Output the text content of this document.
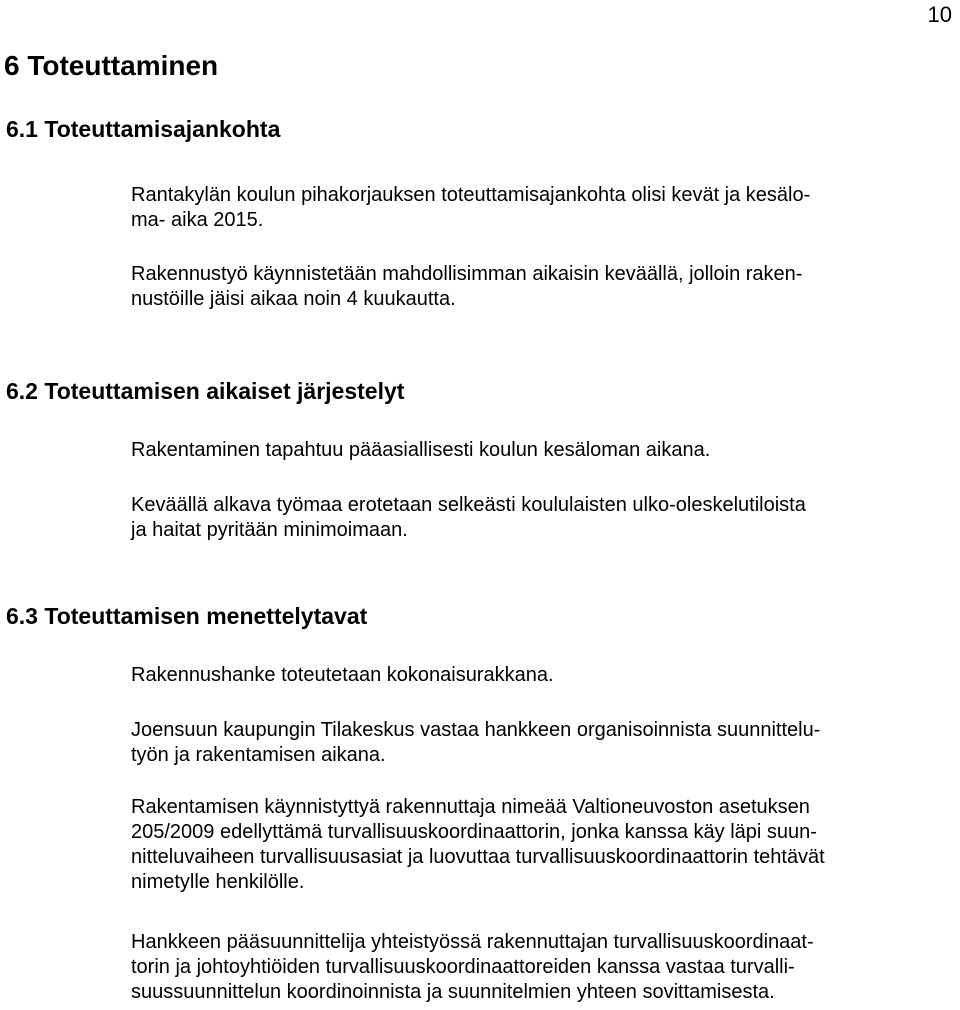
10
6 Toteuttaminen
6.1 Toteuttamisajankohta

Rantakylän koulun pihakorjauksen toteuttamisajankohta olisi kevät ja kesälo-
ma- aika 2015.

Rakennustyö käynnistetään mahdollisimman aikaisin keväällä, jolloin raken-
nustöille jäisi aikaa noin 4 kuukautta.

6.2 Toteuttamisen aikaiset järjestelyt

Rakentaminen tapahtuu pääasiallisesti koulun kesäloman aikana.

Keväällä alkava työmaa erotetaan selkeästi koululaisten ulko-oleskelutiloista
ja haitat pyritään minimoimaan.

6.3 Toteuttamisen menettelytavat

Rakennushanke toteutetaan kokonaisurakkana.

Joensuun kaupungin Tilakeskus vastaa hankkeen organisoinnista suunnittelu-
työn ja rakentamisen aikana.

Rakentamisen käynnistyttyä rakennuttaja nimeää Valtioneuvoston asetuksen
205/2009 edellyttämä turvallisuuskoordinaattorin, jonka kanssa käy läpi suun-
nitteluvaiheen turvallisuusasiat ja luovuttaa turvallisuuskoordinaattorin tehtävät
nimetylle henkilölle.

Hankkeen pääsuunnittelija yhteistyössä rakennuttajan turvallisuuskoordinaat-
torin ja johtoyhtiöiden turvallisuuskoordinaattoreiden kanssa vastaa turvalli-
suussuunnittelun koordinoinnista ja suunnitelmien yhteen sovittamisesta.
